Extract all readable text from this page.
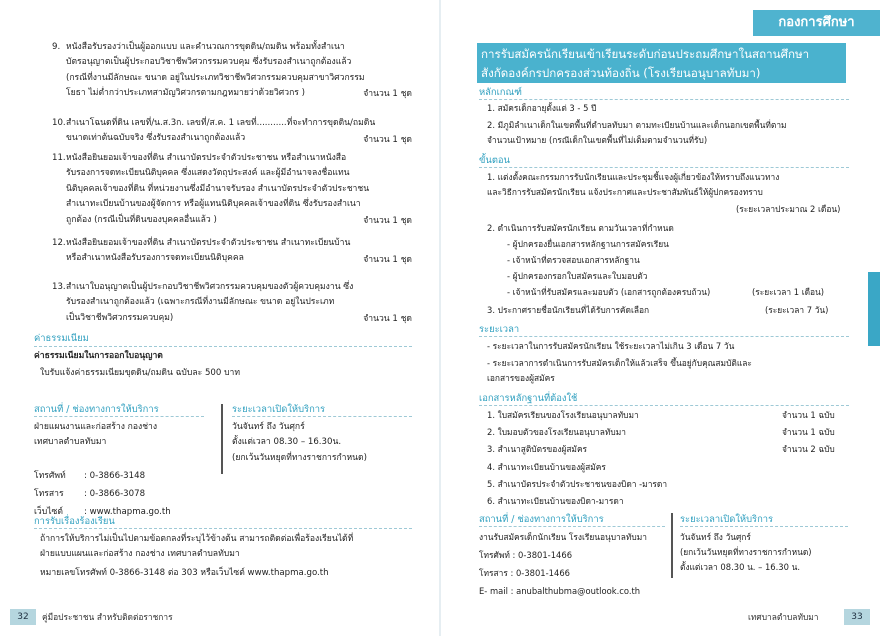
9. หนังสือรับรองว่าเป็นผู้ออกแบบ และคำนวณการขุดดิน/ถมดิน พร้อมทั้งสำเนา
บัตรอนุญาตเป็นผู้ประกอบวิชาชีพวิศวกรรมควบคุม ซึ่งรับรองสำเนาถูกต้องแล้ว
(กรณีที่งานมีลักษณะ ขนาด อยู่ในประเภทวิชาชีพวิศวกรรมควบคุมสาขาวิศวกรรม
โยธา ไม่ต่ำกว่าประเภทสามัญวิศวกรตามกฎหมายว่าด้วยวิศวกร )	จำนวน 1 ชุด
10. สำเนาโฉนดที่ดิน เลขที่/น.ส.3ก. เลขที่/ส.ค. 1 เลขที่...........ที่จะทำการขุดดิน/ถมดิน
ขนาดเท่าต้นฉบับจริง ซึ่งรับรองสำเนาถูกต้องแล้ว	จำนวน 1 ชุด
11. หนังสือยินยอมเจ้าของที่ดิน สำเนาบัตรประจำตัวประชาชน หรือสำเนาหนังสือ
รับรองการจดทะเบียนนิติบุคคล ซึ่งแสดงวัตถุประสงค์ และผู้มีอำนาจลงชื่อแทน
นิติบุคคลเจ้าของที่ดิน ที่หน่วยงานซึ่งมีอำนาจรับรอง สำเนาบัตรประจำตัวประชาชน
สำเนาทะเบียนบ้านของผู้จัดการ หรือผู้แทนนิติบุคคลเจ้าของที่ดิน ซึ่งรับรองสำเนา
ถูกต้อง (กรณีเป็นที่ดินของบุคคลอื่นแล้ว )	จำนวน 1 ชุด
12. หนังสือยินยอมเจ้าของที่ดิน สำเนาบัตรประจำตัวประชาชน สำเนาทะเบียนบ้าน
หรือสำเนาหนังสือรับรองการจดทะเบียนนิติบุคคล	จำนวน 1 ชุด
13. สำเนาใบอนุญาตเป็นผู้ประกอบวิชาชีพวิศวกรรมควบคุมของตัวผู้ควบคุมงาน ซึ่ง
รับรองสำเนาถูกต้องแล้ว (เฉพาะกรณีที่งานมีลักษณะ ขนาด อยู่ในประเภท
เป็นวิชาชีพวิศวกรรมควบคุม)	จำนวน 1 ชุด
ค่าธรรมเนียม
ค่าธรรมเนียมในการออกใบอนุญาต
ใบรับแจ้งค่าธรรมเนียมขุดดิน/ถมดิน ฉบับละ 500 บาท
สถานที่ / ช่องทางการให้บริการ
ฝ่ายแผนงานและก่อสร้าง กองช่าง
เทศบาลตำบลทับมา

โทรศัพท์ : 0-3866-3148

โทรสาร : 0-3866-3078

เว็บไซต์ : www.thapma.go.th

ระยะเวลาเปิดให้บริการ
วันจันทร์ ถึง วันศุกร์
ตั้งแต่เวลา 08.30 – 16.30น.
(ยกเว้นวันหยุดที่ทางราชการกำหนด)
การรับเรื่องร้องเรียน
ถ้าการให้บริการไม่เป็นไปตามข้อตกลงที่ระบุไว้ข้างต้น สามารถติดต่อเพื่อร้องเรียนได้ที่
ฝ่ายแบบแผนและก่อสร้าง กองช่าง เทศบาลตำบลทับมา
หมายเลขโทรศัพท์ 0-3866-3148 ต่อ 303 หรือเว็บไซต์ www.thapma.go.th
32	คู่มือประชาชน สำหรับติดต่อราชการ
กองการศึกษา
การรับสมัครนักเรียนเข้าเรียนระดับก่อนประถมศึกษาในสถานศึกษา
สังกัดองค์กรปกครองส่วนท้องถิ่น (โรงเรียนอนุบาลทับมา)
หลักเกณฑ์
1. สมัครเด็กอายุตั้งแต่ 3 - 5 ปี
2. มีภูมิลำเนาเด็กในเขตพื้นที่ตำบลทับมา ตามทะเบียนบ้านและเด็กนอกเขตพื้นที่ตาม
จำนวนเป้าหมาย (กรณีเด็กในเขตพื้นที่ไม่เต็มตามจำนวนที่รับ)
ขั้นตอน
1. แต่งตั้งคณะกรรมการรับนักเรียนและประชุมชี้แจงผู้เกี่ยวข้องให้ทราบถึงแนวทาง
และวิธีการรับสมัครนักเรียน แจ้งประกาศและประชาสัมพันธ์ให้ผู้ปกครองทราบ
(ระยะเวลาประมาณ 2 เดือน)
2. ดำเนินการรับสมัครนักเรียน ตามวันเวลาที่กำหนด
- ผู้ปกครองยื่นเอกสารหลักฐานการสมัครเรียน
- เจ้าหน้าที่ตรวจสอบเอกสารหลักฐาน
- ผู้ปกครองกรอกใบสมัครและใบมอบตัว
- เจ้าหน้าที่รับสมัครและมอบตัว (เอกสารถูกต้องครบถ้วน)	(ระยะเวลา 1 เดือน)
3. ประกาศรายชื่อนักเรียนที่ได้รับการคัดเลือก	(ระยะเวลา 7 วัน)
ระยะเวลา
- ระยะเวลาในการรับสมัครนักเรียน ใช้ระยะเวลาไม่เกิน 3 เดือน 7 วัน
- ระยะเวลาการดำเนินการรับสมัครเด็กให้แล้วเสร็จ ขึ้นอยู่กับคุณสมบัติและ
เอกสารของผู้สมัคร
เอกสารหลักฐานที่ต้องใช้
1. ใบสมัครเรียนของโรงเรียนอนุบาลทับมา	จำนวน 1 ฉบับ
2. ใบมอบตัวของโรงเรียนอนุบาลทับมา	จำนวน 1 ฉบับ
3. สำเนาสูติบัตรของผู้สมัคร	จำนวน 2 ฉบับ
4. สำเนาทะเบียนบ้านของผู้สมัคร
5. สำเนาบัตรประจำตัวประชาชนของบิดา -มารดา
6. สำเนาทะเบียนบ้านของบิดา-มารดา
สถานที่ / ช่องทางการให้บริการ
งานรับสมัครเด็กนักเรียน โรงเรียนอนุบาลทับมา
โทรศัพท์ : 0-3801-1466
โทรสาร : 0-3801-1466
E- mail : anubalthubma@outlook.co.th
ระยะเวลาเปิดให้บริการ
วันจันทร์ ถึง วันศุกร์
(ยกเว้นวันหยุดที่ทางราชการกำหนด)
ตั้งแต่เวลา 08.30 น. – 16.30 น.
เทศบาลตำบลทับมา	33
